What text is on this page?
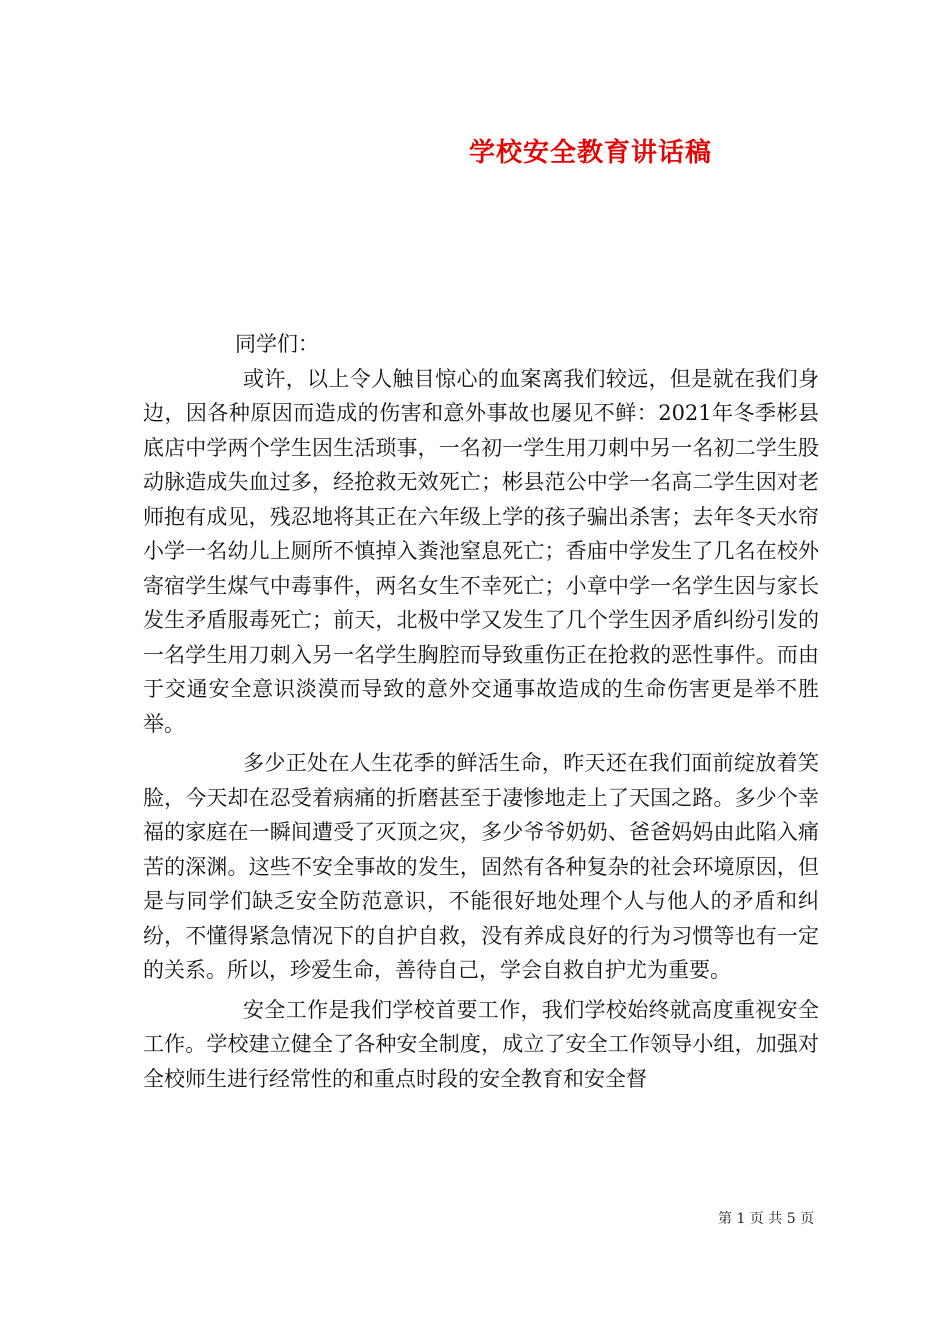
学校安全教育讲话稿
同学们：

或许，以上令人触目惊心的血案离我们较远，但是就在我们身边，因各种原因而造成的伤害和意外事故也屡见不鲜：2021年冬季彬县底店中学两个学生因生活琐事，一名初一学生用刀刺中另一名初二学生股动脉造成失血过多，经抢救无效死亡；彬县范公中学一名高二学生因对老师抱有成见，残忍地将其正在六年级上学的孩子骗出杀害；去年冬天水帘小学一名幼儿上厕所不慎掉入粪池窒息死亡；香庙中学发生了几名在校外寄宿学生煤气中毒事件，两名女生不幸死亡；小章中学一名学生因与家长发生矛盾服毒死亡；前天，北极中学又发生了几个学生因矛盾纠纷引发的一名学生用刀刺入另一名学生胸腔而导致重伤正在抢救的恶性事件。而由于交通安全意识淡漠而导致的意外交通事故造成的生命伤害更是举不胜举。

多少正处在人生花季的鲜活生命，昨天还在我们面前绽放着笑脸，今天却在忍受着病痛的折磨甚至于凄惨地走上了天国之路。多少个幸福的家庭在一瞬间遭受了灭顶之灾，多少爷爷奶奶、爸爸妈妈由此陷入痛苦的深渊。这些不安全事故的发生，固然有各种复杂的社会环境原因，但是与同学们缺乏安全防范意识，不能很好地处理个人与他人的矛盾和纠纷，不懂得紧急情况下的自护自救，没有养成良好的行为习惯等也有一定的关系。所以，珍爱生命，善待自己，学会自救自护尤为重要。

安全工作是我们学校首要工作，我们学校始终就高度重视安全工作。学校建立健全了各种安全制度，成立了安全工作领导小组，加强对全校师生进行经常性的和重点时段的安全教育和安全督

第 1 页 共 5 页
